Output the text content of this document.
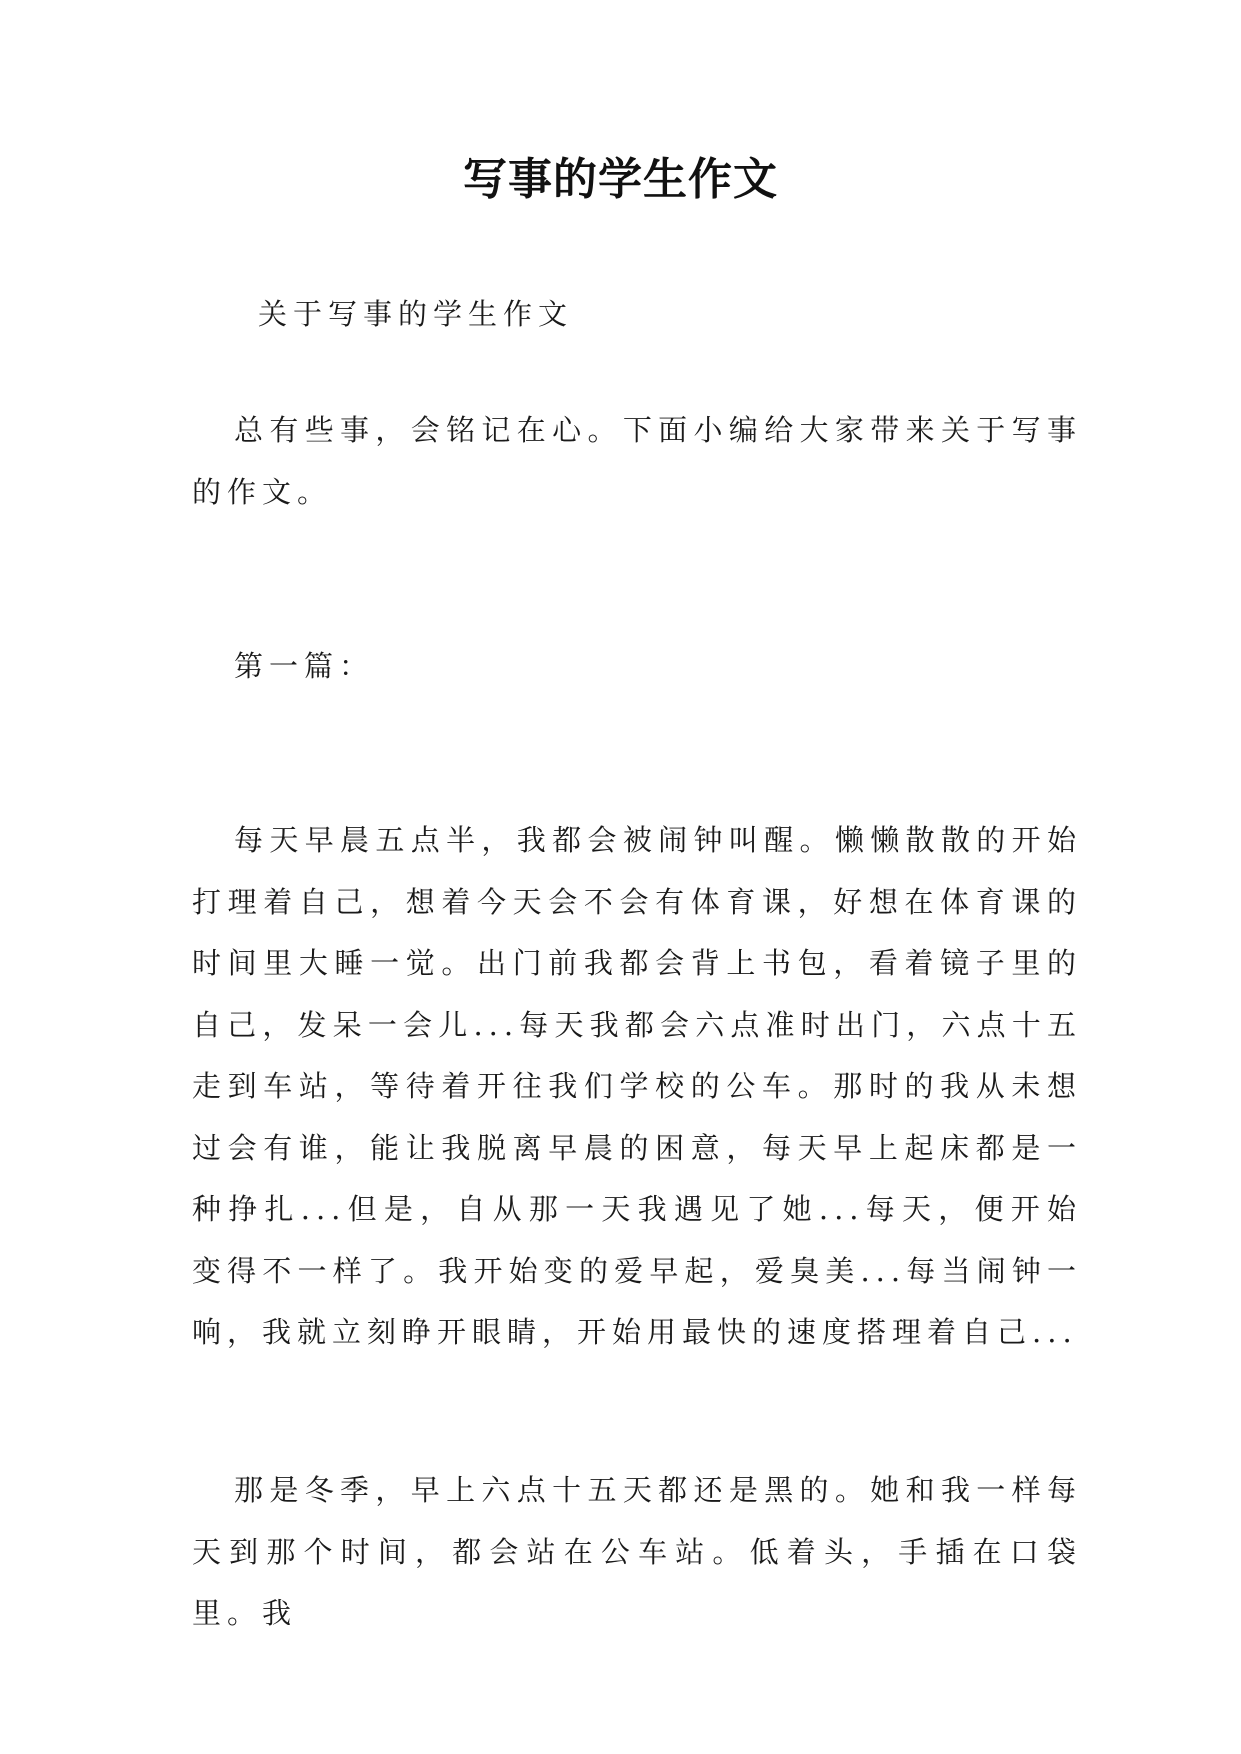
写事的学生作文
关于写事的学生作文

总有些事，会铭记在心。下面小编给大家带来关于写事的作文。

第一篇：

每天早晨五点半，我都会被闹钟叫醒。懒懒散散的开始打理着自己，想着今天会不会有体育课，好想在体育课的时间里大睡一觉。出门前我都会背上书包，看着镜子里的自己，发呆一会儿...每天我都会六点准时出门，六点十五走到车站，等待着开往我们学校的公车。那时的我从未想过会有谁，能让我脱离早晨的困意，每天早上起床都是一种挣扎...但是，自从那一天我遇见了她...每天，便开始变得不一样了。我开始变的爱早起，爱臭美...每当闹钟一响，我就立刻睁开眼睛，开始用最快的速度搭理着自己...

那是冬季，早上六点十五天都还是黑的。她和我一样每天到那个时间，都会站在公车站。低着头，手插在口袋里。我
